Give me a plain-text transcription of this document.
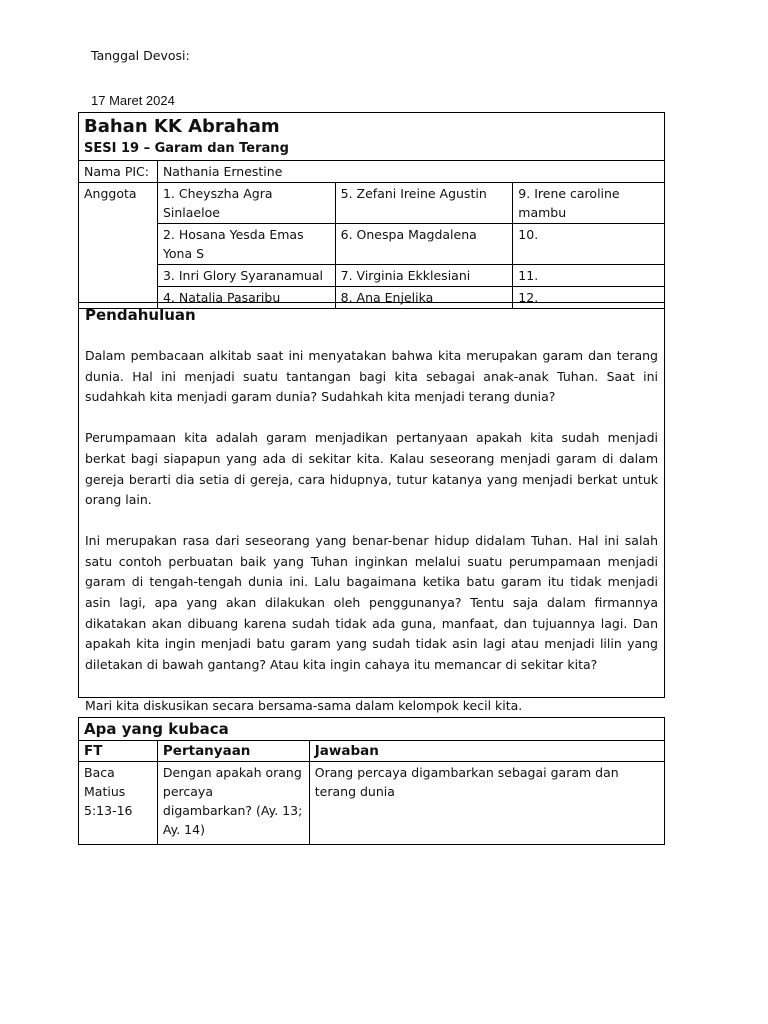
Tanggal Devosi:
17 Maret 2024
Bahan KK Abraham
SESI 19 – Garam dan Terang			

Nama PIC:	Nathania Ernestine		
Anggota	1. Cheyszha Agra Sinlaeloe	5. Zefani Ireine Agustin	9. Irene caroline mambu
	2. Hosana Yesda Emas Yona S	6. Onespa Magdalena	10.
	3. Inri Glory Syaranamual	7. Virginia Ekklesiani	11.
	4. Natalia Pasaribu	8. Ana Enjelika	12.
Pendahuluan

Dalam pembacaan alkitab saat ini menyatakan bahwa kita merupakan garam dan terang dunia. Hal ini menjadi suatu tantangan bagi kita sebagai anak-anak Tuhan. Saat ini sudahkah kita menjadi garam dunia? Sudahkah kita menjadi terang dunia?

Perumpamaan kita adalah garam menjadikan pertanyaan apakah kita sudah menjadi berkat bagi siapapun yang ada di sekitar kita. Kalau seseorang menjadi garam di dalam gereja berarti dia setia di gereja, cara hidupnya, tutur katanya yang menjadi berkat untuk orang lain.

Ini merupakan rasa dari seseorang yang benar-benar hidup didalam Tuhan. Hal ini salah satu contoh perbuatan baik yang Tuhan inginkan melalui suatu perumpamaan menjadi garam di tengah-tengah dunia ini. Lalu bagaimana ketika batu garam itu tidak menjadi asin lagi, apa yang akan dilakukan oleh penggunanya? Tentu saja dalam firmannya dikatakan akan dibuang karena sudah tidak ada guna, manfaat, dan tujuannya lagi. Dan apakah kita ingin menjadi batu garam yang sudah tidak asin lagi atau menjadi lilin yang diletakan di bawah gantang? Atau kita ingin cahaya itu memancar di sekitar kita?

Mari kita diskusikan secara bersama-sama dalam kelompok kecil kita.

Apa yang kubaca		
FT	Pertanyaan	Jawaban
Baca Matius 5:13-16	Dengan apakah orang percaya digambarkan? (Ay. 13; Ay. 14)	Orang percaya digambarkan sebagai garam dan terang dunia
